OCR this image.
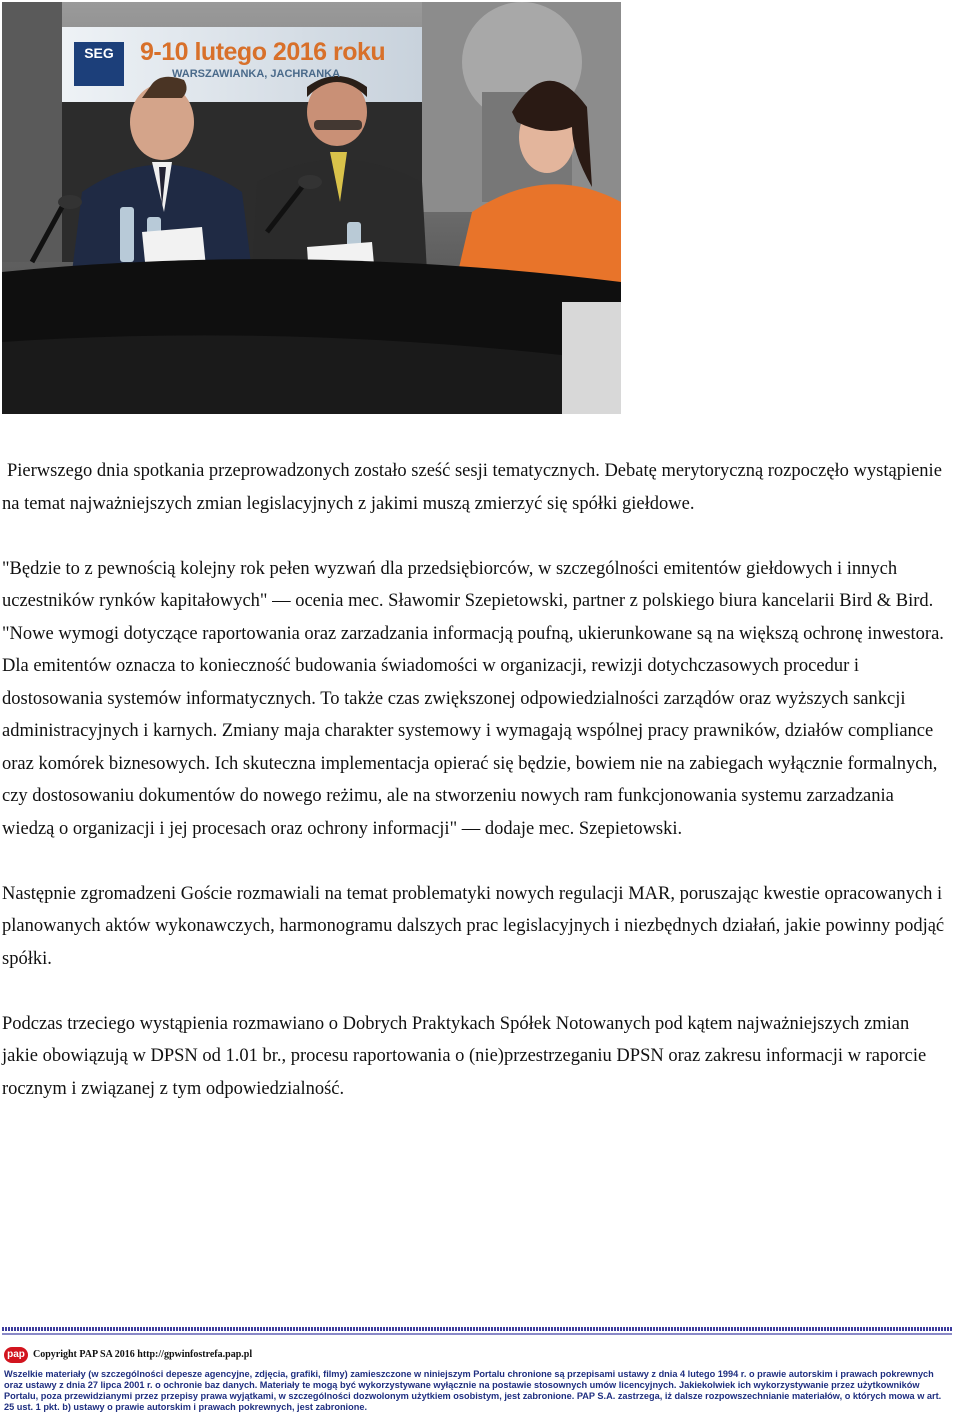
SEG	9-10 lutego 2016 roku
WARSZAWIANKA, JACHRANKA

Pierwszego dnia spotkania przeprowadzonych zostało sześć sesji tematycznych. Debatę merytoryczną rozpoczęło wystąpienie na temat najważniejszych zmian legislacyjnych z jakimi muszą zmierzyć się spółki giełdowe.

"Będzie to z pewnością kolejny rok pełen wyzwań dla przedsiębiorców, w szczególności emitentów giełdowych i innych uczestników rynków kapitałowych" — ocenia mec. Sławomir Szepietowski, partner z polskiego biura kancelarii Bird & Bird. "Nowe wymogi dotyczące raportowania oraz zarzadzania informacją poufną, ukierunkowane są na większą ochronę inwestora. Dla emitentów oznacza to konieczność budowania świadomości w organizacji, rewizji dotychczasowych procedur i dostosowania systemów informatycznych. To także czas zwiększonej odpowiedzialności zarządów oraz wyższych sankcji administracyjnych i karnych. Zmiany maja charakter systemowy i wymagają wspólnej pracy prawników, działów compliance oraz komórek biznesowych. Ich skuteczna implementacja opierać się będzie, bowiem nie na zabiegach wyłącznie formalnych, czy dostosowaniu dokumentów do nowego reżimu, ale na stworzeniu nowych ram funkcjonowania systemu zarzadzania wiedzą o organizacji i jej procesach oraz ochrony informacji" — dodaje mec. Szepietowski.

Następnie zgromadzeni Goście rozmawiali na temat problematyki nowych regulacji MAR, poruszając kwestie opracowanych i planowanych aktów wykonawczych, harmonogramu dalszych prac legislacyjnych i niezbędnych działań, jakie powinny podjąć spółki.

Podczas trzeciego wystąpienia rozmawiano o Dobrych Praktykach Spółek Notowanych pod kątem najważniejszych zmian jakie obowiązują w DPSN od 1.01 br., procesu raportowania o (nie)przestrzeganiu DPSN oraz zakresu informacji w raporcie rocznym i związanej z tym odpowiedzialność.

pap Copyright PAP SA 2016 http://gpwinfostrefa.pap.pl
Wszelkie materiały (w szczególności depesze agencyjne, zdjęcia, grafiki, filmy) zamieszczone w niniejszym Portalu chronione są przepisami ustawy z dnia 4 lutego 1994 r. o prawie autorskim i prawach pokrewnych oraz ustawy z dnia 27 lipca 2001 r. o ochronie baz danych. Materiały te mogą być wykorzystywane wyłącznie na postawie stosownych umów licencyjnych. Jakiekolwiek ich wykorzystywanie przez użytkowników Portalu, poza przewidzianymi przez przepisy prawa wyjątkami, w szczególności dozwolonym użytkiem osobistym, jest zabronione. PAP S.A. zastrzega, iż dalsze rozpowszechnianie materiałów, o których mowa w art. 25 ust. 1 pkt. b) ustawy o prawie autorskim i prawach pokrewnych, jest zabronione.
